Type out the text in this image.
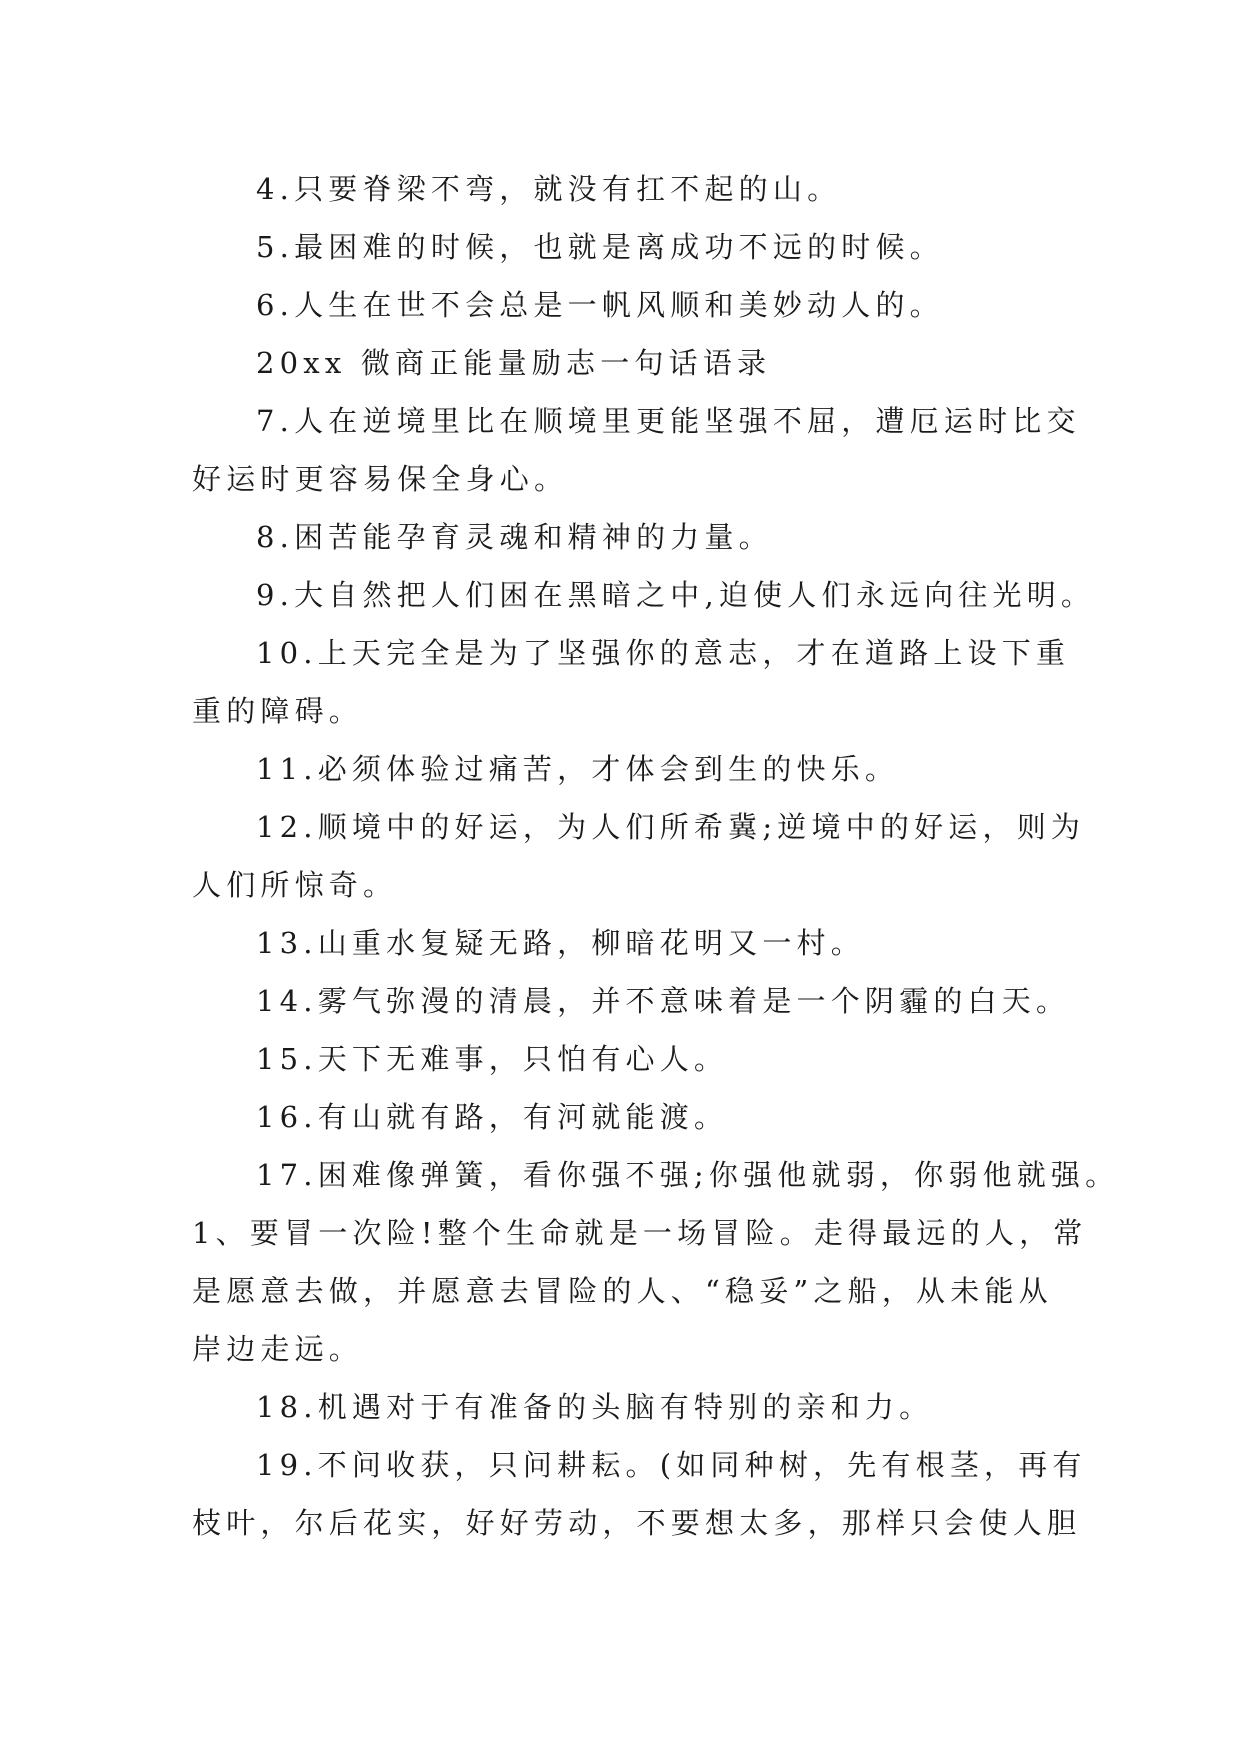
4.只要脊梁不弯，就没有扛不起的山。
5.最困难的时候，也就是离成功不远的时候。
6.人生在世不会总是一帆风顺和美妙动人的。
20xx 微商正能量励志一句话语录
7.人在逆境里比在顺境里更能坚强不屈，遭厄运时比交
好运时更容易保全身心。
8.困苦能孕育灵魂和精神的力量。
9.大自然把人们困在黑暗之中,迫使人们永远向往光明。
10.上天完全是为了坚强你的意志，才在道路上设下重
重的障碍。
11.必须体验过痛苦，才体会到生的快乐。
12.顺境中的好运，为人们所希冀;逆境中的好运，则为
人们所惊奇。
13.山重水复疑无路，柳暗花明又一村。
14.雾气弥漫的清晨，并不意味着是一个阴霾的白天。
15.天下无难事，只怕有心人。
16.有山就有路，有河就能渡。
17.困难像弹簧，看你强不强;你强他就弱，你弱他就强。
1、要冒一次险!整个生命就是一场冒险。走得最远的人，常
是愿意去做，并愿意去冒险的人、“稳妥”之船，从未能从
岸边走远。
18.机遇对于有准备的头脑有特别的亲和力。
19.不问收获，只问耕耘。(如同种树，先有根茎，再有
枝叶，尔后花实，好好劳动，不要想太多，那样只会使人胆
